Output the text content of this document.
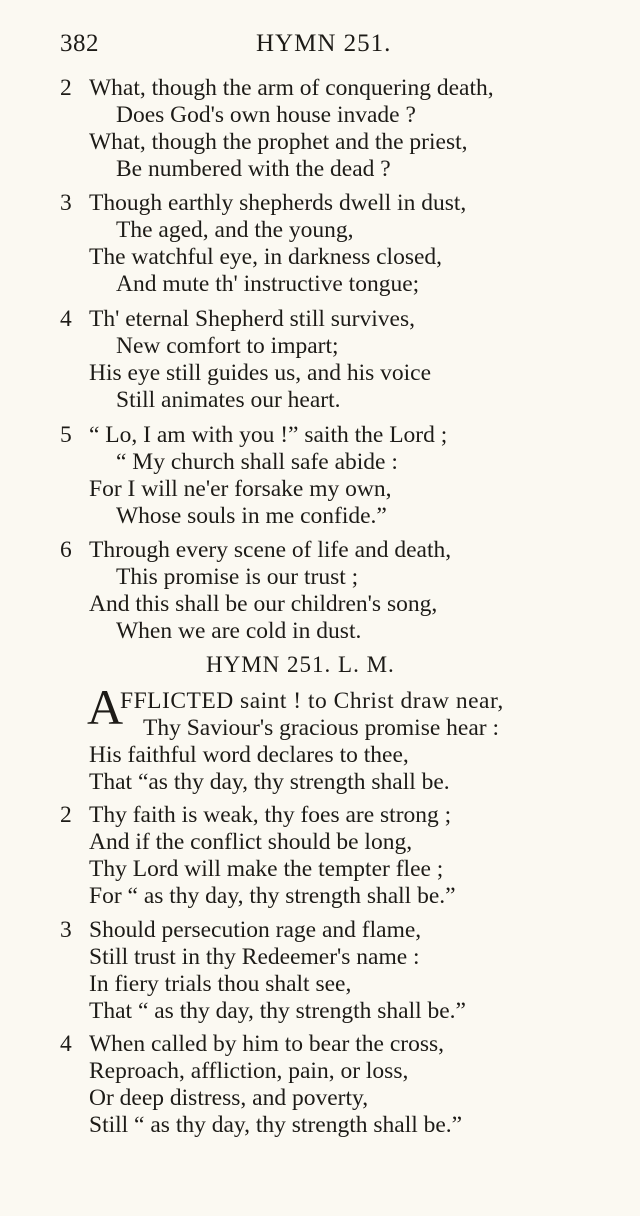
382	HYMN 251.
2 What, though the arm of conquering death,
Does God's own house invade ?
What, though the prophet and the priest,
Be numbered with the dead ?
3 Though earthly shepherds dwell in dust,
The aged, and the young,
The watchful eye, in darkness closed,
And mute th' instructive tongue;
4 Th' eternal Shepherd still survives,
New comfort to impart;
His eye still guides us, and his voice
Still animates our heart.
5 “ Lo, I am with you !” saith the Lord ;
“ My church shall safe abide :
For I will ne'er forsake my own,
Whose souls in me confide.”
6 Through every scene of life and death,
This promise is our trust ;
And this shall be our children's song,
When we are cold in dust.
HYMN 251. L. M.
A
FFLICTED saint ! to Christ draw near,
Thy Saviour's gracious promise hear :
His faithful word declares to thee,
That “as thy day, thy strength shall be.
2 Thy faith is weak, thy foes are strong ;
And if the conflict should be long,
Thy Lord will make the tempter flee ;
For “ as thy day, thy strength shall be.”
3 Should persecution rage and flame,
Still trust in thy Redeemer's name :
In fiery trials thou shalt see,
That “ as thy day, thy strength shall be.”
4 When called by him to bear the cross,
Reproach, affliction, pain, or loss,
Or deep distress, and poverty,
Still “ as thy day, thy strength shall be.”
